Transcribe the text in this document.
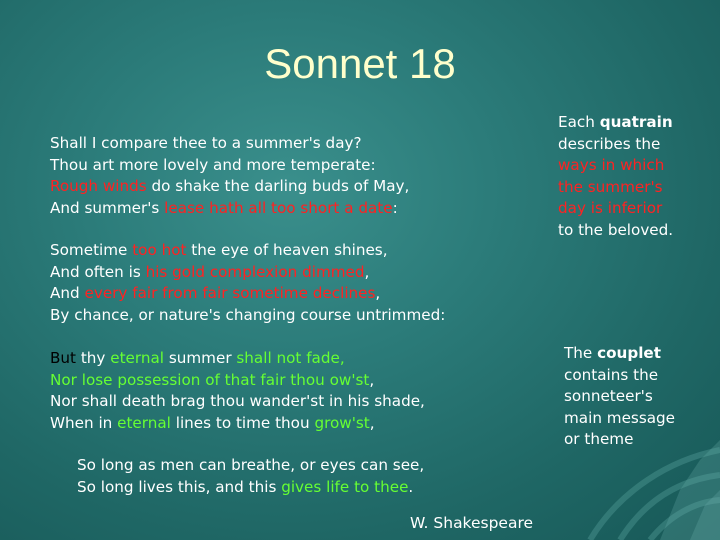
Sonnet 18
Shall I compare thee to a summer's day?
Thou art more lovely and more temperate:
Rough winds do shake the darling buds of May,
And summer's lease hath all too short a date:
Sometime too hot the eye of heaven shines,
And often is his gold complexion dimmed,
And every fair from fair sometime declines,
By chance, or nature's changing course untrimmed:
But thy eternal summer shall not fade,
Nor lose possession of that fair thou ow'st,
Nor shall death brag thou wander'st in his shade,
When in eternal lines to time thou grow'st,
So long as men can breathe, or eyes can see,
So long lives this, and this gives life to thee.
Each quatrain
describes the
ways in which
the summer's
day is inferior
to the beloved.
The couplet
contains the
sonneteer's
main message
or theme
W. Shakespeare
